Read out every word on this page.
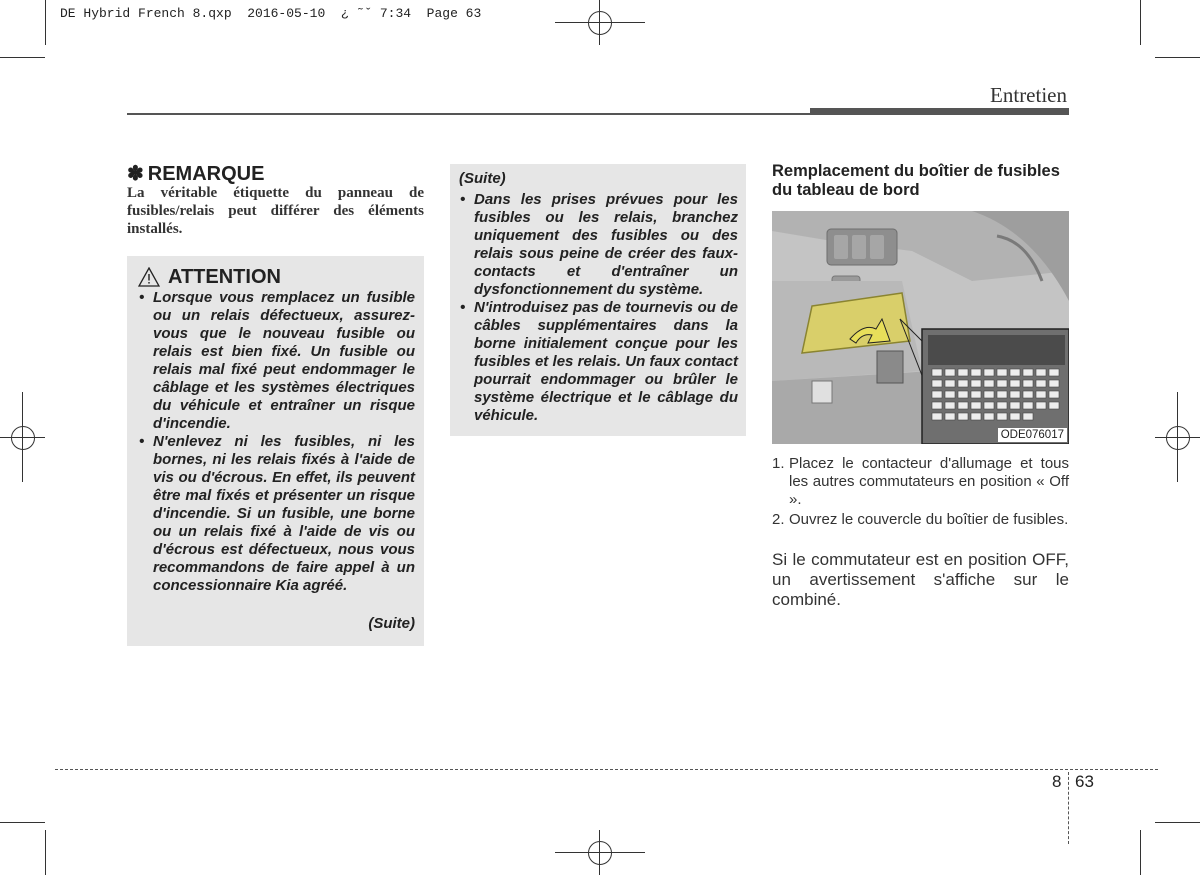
DE Hybrid French 8.qxp  2016-05-10  ¿ ˜ˇ 7:34  Page 63
Entretien
✽ REMARQUE
La véritable étiquette du panneau de fusibles/relais peut différer des éléments installés.
ATTENTION
• Lorsque vous remplacez un fusible ou un relais défectueux, assurez-vous que le nouveau fusible ou relais est bien fixé. Un fusible ou relais mal fixé peut endommager le câblage et les systèmes électriques du véhicule et entraîner un risque d'incendie.
• N'enlevez ni les fusibles, ni les bornes, ni les relais fixés à l'aide de vis ou d'écrous. En effet, ils peuvent être mal fixés et présenter un risque d'incendie. Si un fusible, une borne ou un relais fixé à l'aide de vis ou d'écrous est défectueux, nous vous recommandons de faire appel à un concessionnaire Kia agréé.
(Suite)
(Suite)
• Dans les prises prévues pour les fusibles ou les relais, branchez uniquement des fusibles ou des relais sous peine de créer des faux-contacts et d'entraîner un dysfonctionnement du système.
• N'introduisez pas de tournevis ou de câbles supplémentaires dans la borne initialement conçue pour les fusibles et les relais. Un faux contact pourrait endommager ou brûler le système électrique et le câblage du véhicule.
Remplacement du boîtier de fusibles du tableau de bord
ODE076017
1. Placez le contacteur d'allumage et tous les autres commutateurs en position « Off ».
2. Ouvrez le couvercle du boîtier de fusibles.
Si le commutateur est en position OFF, un avertissement s'affiche sur le combiné.
8 63
